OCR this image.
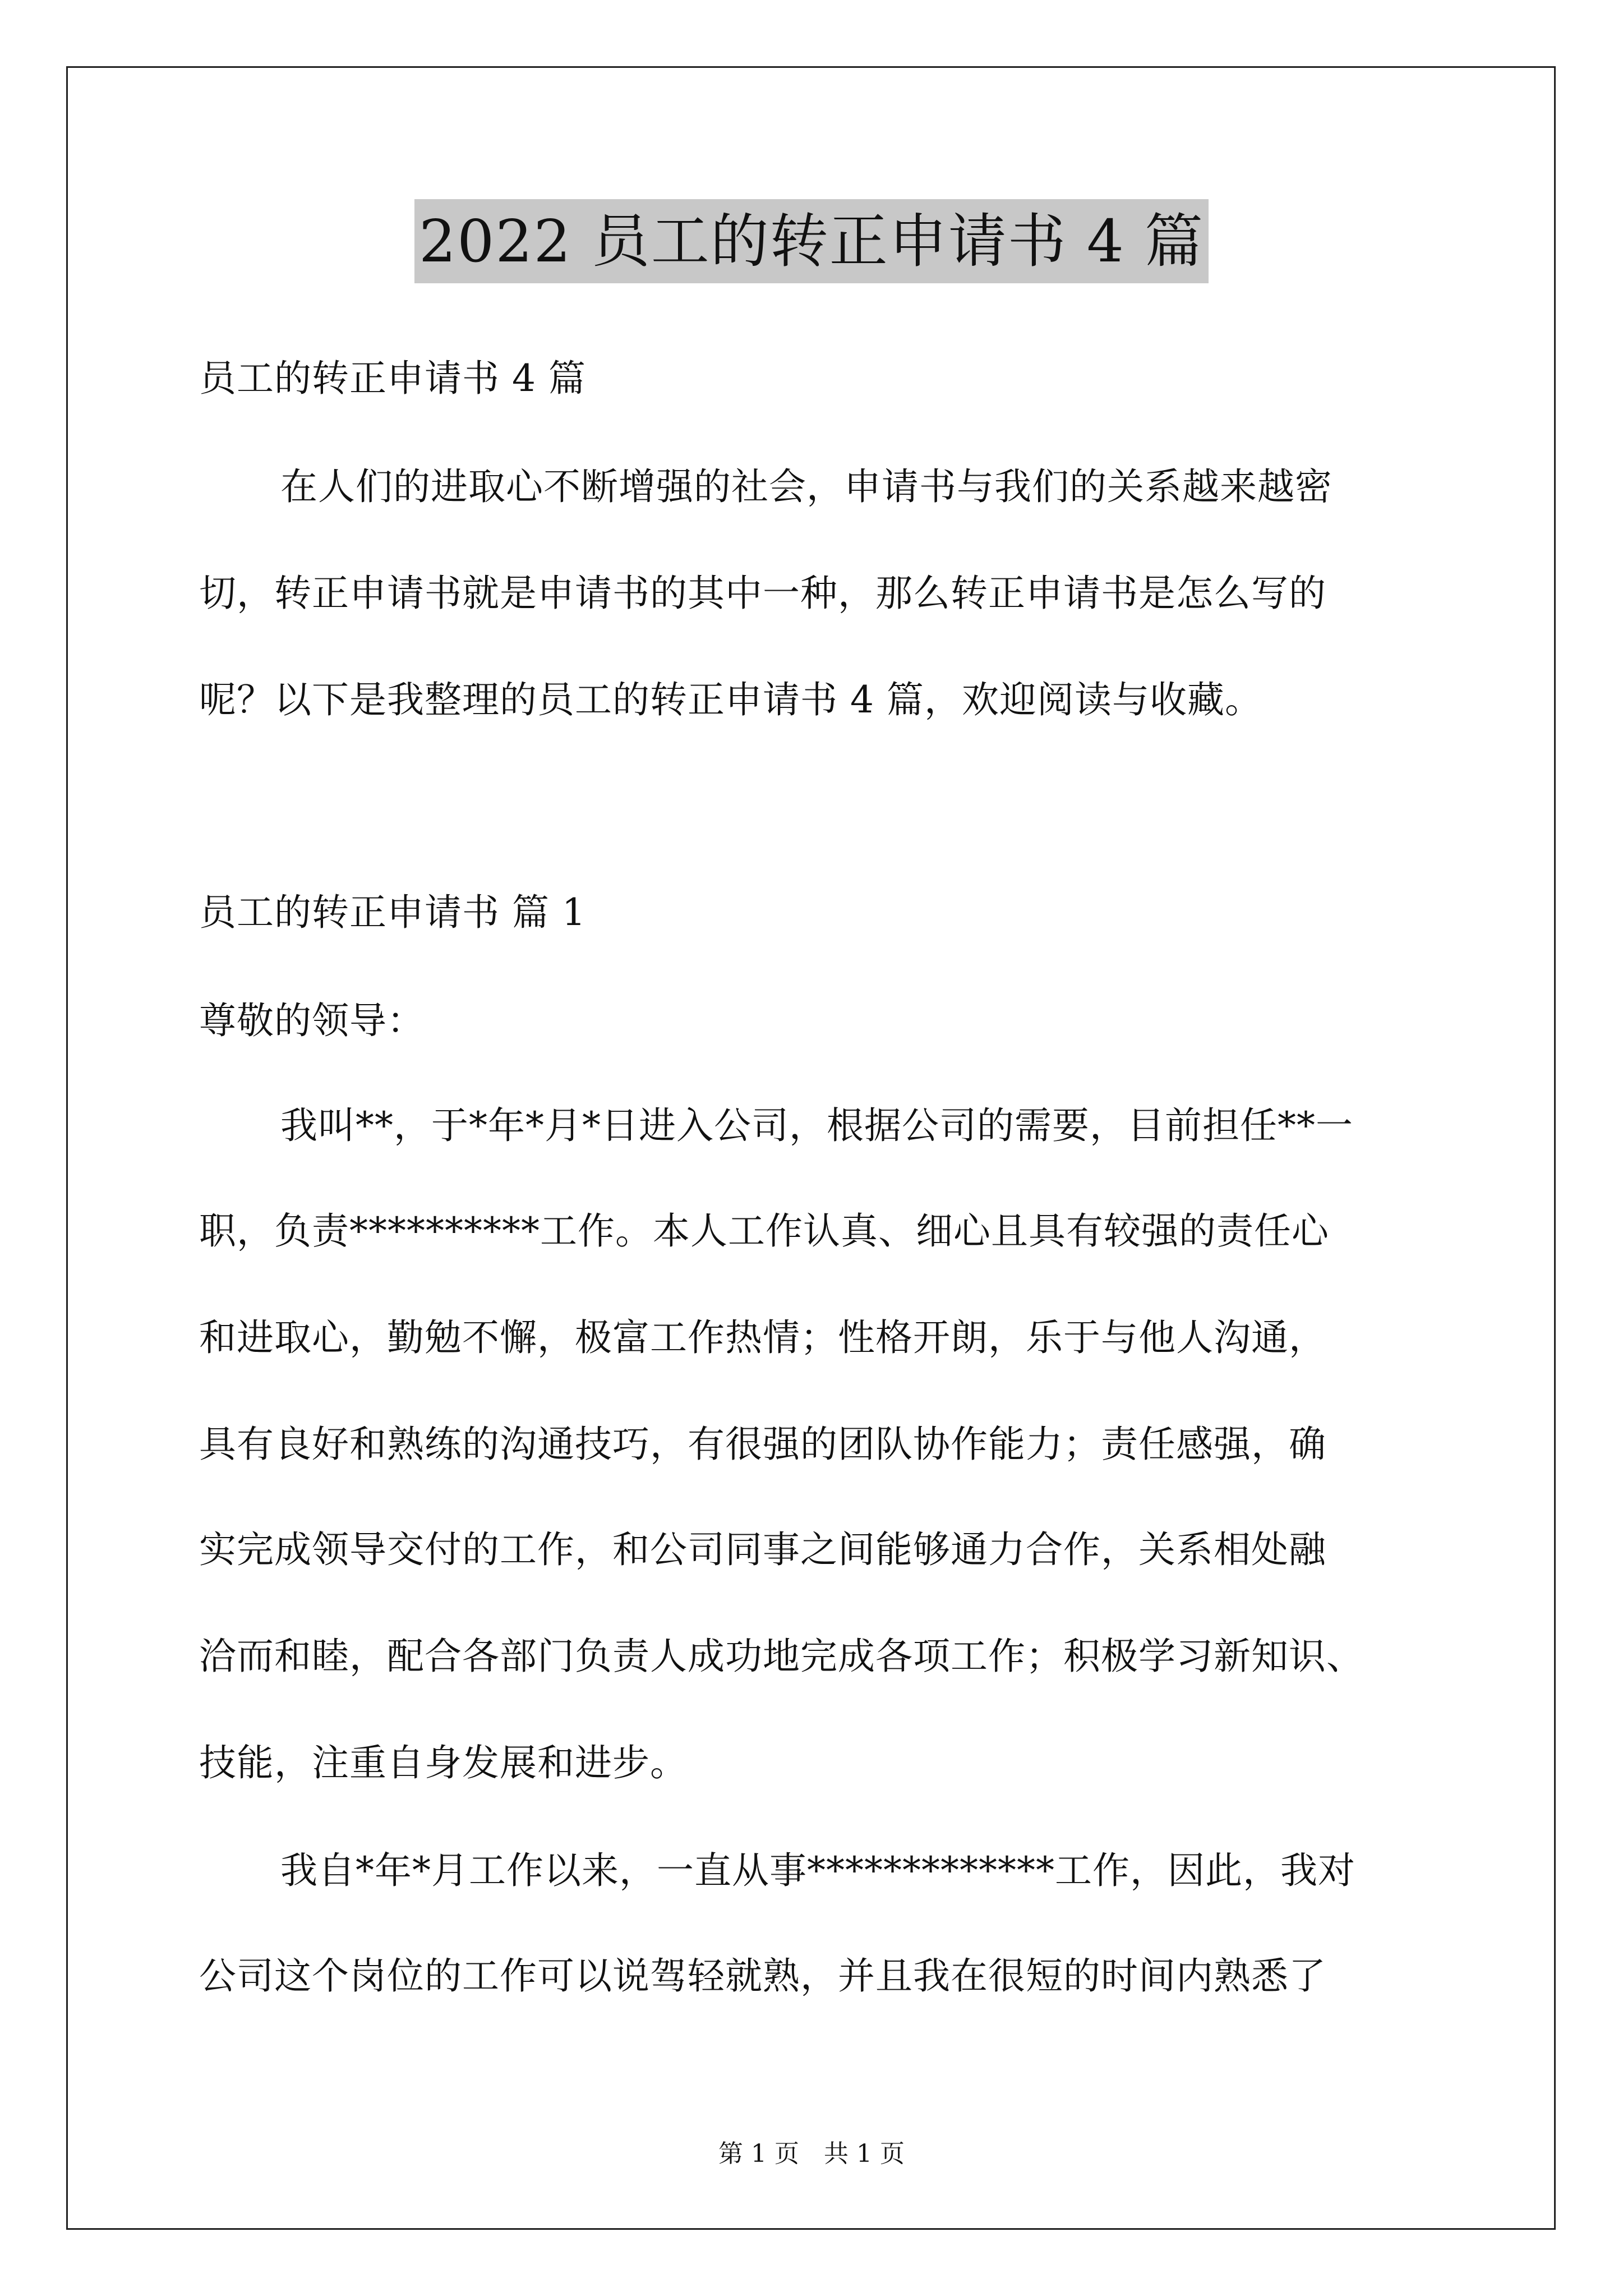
2022 员工的转正申请书 4 篇
员工的转正申请书 4 篇
在人们的进取心不断增强的社会，申请书与我们的关系越来越密
切，转正申请书就是申请书的其中一种，那么转正申请书是怎么写的
呢？以下是我整理的员工的转正申请书 4 篇，欢迎阅读与收藏。
员工的转正申请书 篇 1
尊敬的领导：
我叫**，于*年*月*日进入公司，根据公司的需要，目前担任**一
职，负责**********工作。本人工作认真、细心且具有较强的责任心
和进取心，勤勉不懈，极富工作热情；性格开朗，乐于与他人沟通，
具有良好和熟练的沟通技巧，有很强的团队协作能力；责任感强，确
实完成领导交付的工作，和公司同事之间能够通力合作，关系相处融
洽而和睦，配合各部门负责人成功地完成各项工作；积极学习新知识、
技能，注重自身发展和进步。
我自*年*月工作以来，一直从事*************工作，因此，我对
公司这个岗位的工作可以说驾轻就熟，并且我在很短的时间内熟悉了
第 1 页　共 1 页
